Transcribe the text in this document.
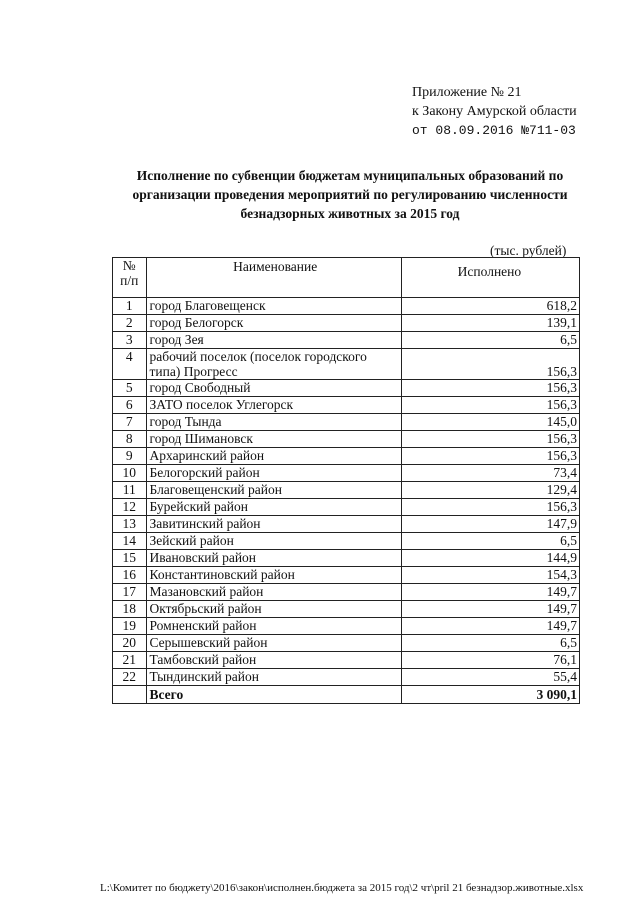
Приложение № 21
к Закону Амурской области
от 08.09.2016 №711-03
Исполнение по субвенции бюджетам муниципальных образований по
организации проведения мероприятий по регулированию численности
безнадзорных животных за 2015 год
(тыс. рублей)
№
п/п	Наименование	Исполнено
1	город Благовещенск	618,2
2	город Белогорск	139,1
3	город Зея	6,5
4	рабочий поселок (поселок городского типа) Прогресс	156,3
5	город Свободный	156,3
6	ЗАТО поселок Углегорск	156,3
7	город Тында	145,0
8	город Шимановск	156,3
9	Архаринский район	156,3
10	Белогорский район	73,4
11	Благовещенский район	129,4
12	Бурейский район	156,3
13	Завитинский район	147,9
14	Зейский район	6,5
15	Ивановский район	144,9
16	Константиновский район	154,3
17	Мазановский район	149,7
18	Октябрьский район	149,7
19	Ромненский район	149,7
20	Серышевский район	6,5
21	Тамбовский район	76,1
22	Тындинский район	55,4
	Всего	3 090,1
L:\Комитет по бюджету\2016\закон\исполнен.бюджета за 2015 год\2 чт\pril 21 безнадзор.животные.xlsx
